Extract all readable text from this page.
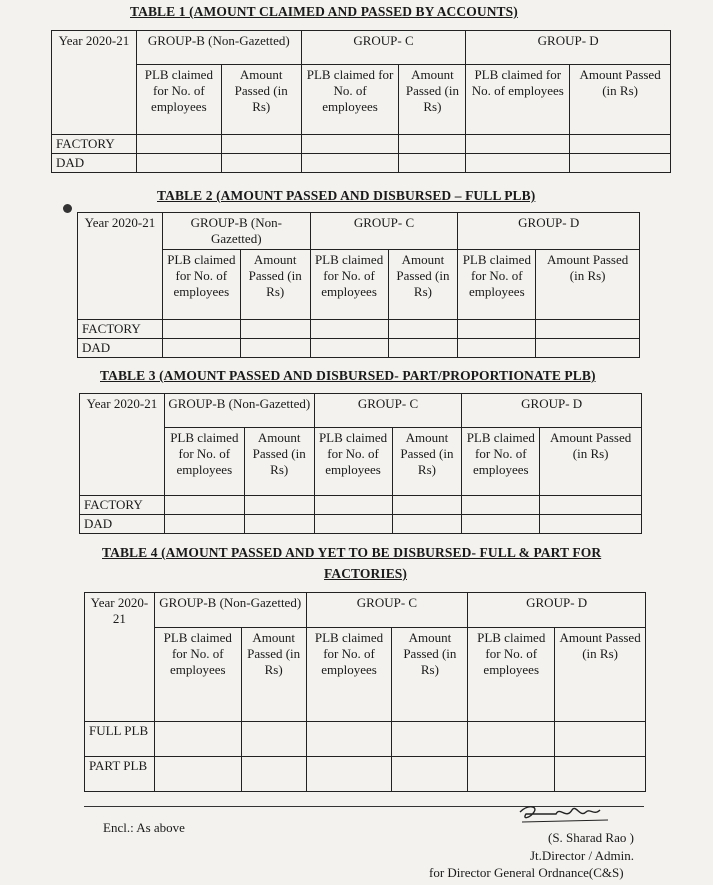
TABLE 1 (AMOUNT CLAIMED AND PASSED BY ACCOUNTS)
Year 2020-21	GROUP-B (Non-Gazetted)		GROUP- C		GROUP- D	
	PLB claimed for No. of employees	Amount Passed (in Rs)	PLB claimed for No. of employees	Amount Passed (in Rs)	PLB claimed for No. of employees	Amount Passed (in Rs)
FACTORY						
DAD						
TABLE 2 (AMOUNT PASSED AND DISBURSED – FULL PLB)
Year 2020-21	GROUP-B (Non-Gazetted)		GROUP- C		GROUP- D	
	PLB claimed for No. of employees	Amount Passed (in Rs)	PLB claimed for No. of employees	Amount Passed (in Rs)	PLB claimed for No. of employees	Amount Passed (in Rs)
FACTORY						
DAD						
TABLE 3 (AMOUNT PASSED AND DISBURSED- PART/PROPORTIONATE PLB)
Year 2020-21	GROUP-B (Non-Gazetted)		GROUP- C		GROUP- D	
	PLB claimed for No. of employees	Amount Passed (in Rs)	PLB claimed for No. of employees	Amount Passed (in Rs)	PLB claimed for No. of employees	Amount Passed (in Rs)
FACTORY						
DAD						
TABLE 4 (AMOUNT PASSED AND YET TO BE DISBURSED- FULL & PART FOR
FACTORIES)
Year 2020-21	GROUP-B (Non-Gazetted)		GROUP- C		GROUP- D	
	PLB claimed for No. of employees	Amount Passed (in Rs)	PLB claimed for No. of employees	Amount Passed (in Rs)	PLB claimed for No. of employees	Amount Passed (in Rs)
FULL PLB						
PART PLB						
Encl.: As above
(S. Sharad Rao )
Jt.Director / Admin.
for Director General Ordnance(C&S)
